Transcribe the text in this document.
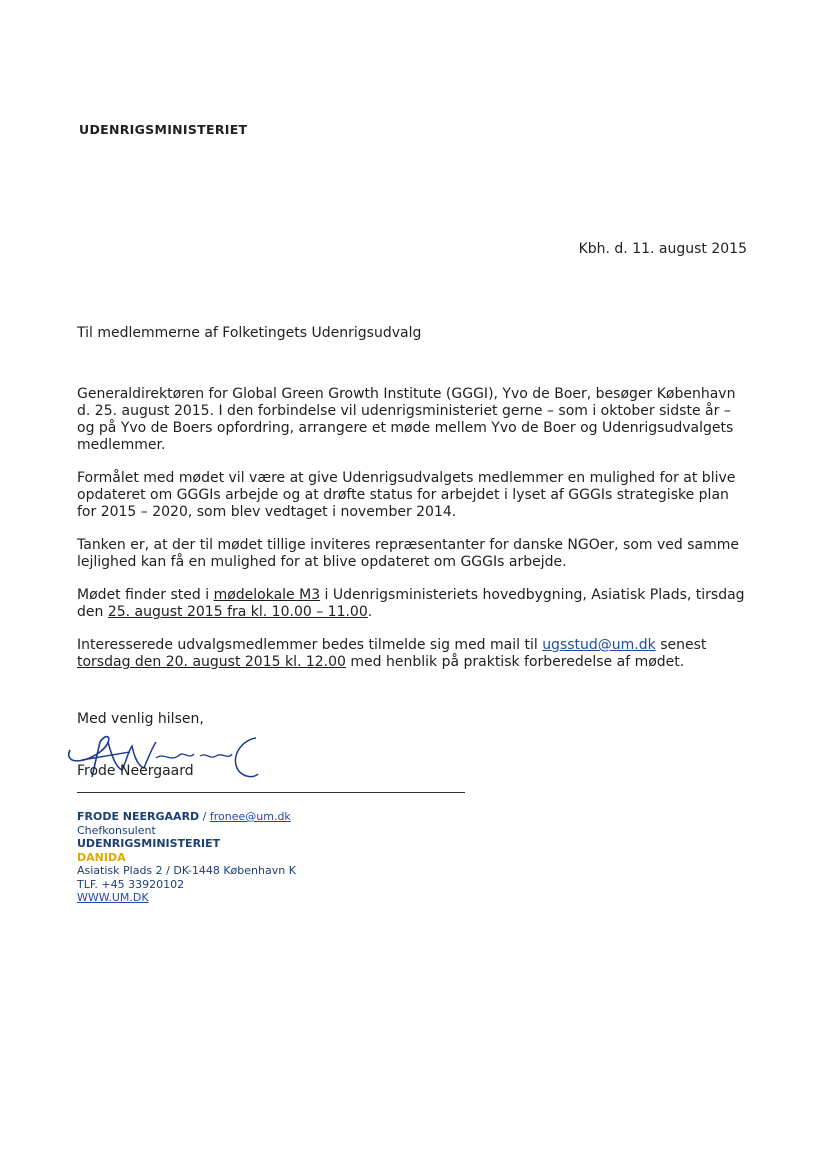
UDENRIGSMINISTERIET
Kbh. d. 11. august 2015

Til medlemmerne af Folketingets Udenrigsudvalg

Generaldirektøren for Global Green Growth Institute (GGGI), Yvo de Boer, besøger København d. 25. august 2015. I den forbindelse vil udenrigsministeriet gerne – som i oktober sidste år – og på Yvo de Boers opfordring, arrangere et møde mellem Yvo de Boer og Udenrigsudvalgets medlemmer.

Formålet med mødet vil være at give Udenrigsudvalgets medlemmer en mulighed for at blive opdateret om GGGIs arbejde og at drøfte status for arbejdet i lyset af GGGIs strategiske plan for 2015 – 2020, som blev vedtaget i november 2014.

Tanken er, at der til mødet tillige inviteres repræsentanter for danske NGOer, som ved samme lejlighed kan få en mulighed for at blive opdateret om GGGIs arbejde.

Mødet finder sted i mødelokale M3 i Udenrigsministeriets hovedbygning, Asiatisk Plads, tirsdag den 25. august 2015 fra kl. 10.00 – 11.00.

Interesserede udvalgsmedlemmer bedes tilmelde sig med mail til ugsstud@um.dk senest torsdag den 20. august 2015 kl. 12.00 med henblik på praktisk forberedelse af mødet.

Med venlig hilsen,

Frode Neergaard
FRODE NEERGAARD / fronee@um.dk
Chefkonsulent
UDENRIGSMINISTERIET
DANIDA
Asiatisk Plads 2 / DK-1448 København K
TLF. +45 33920102
WWW.UM.DK
